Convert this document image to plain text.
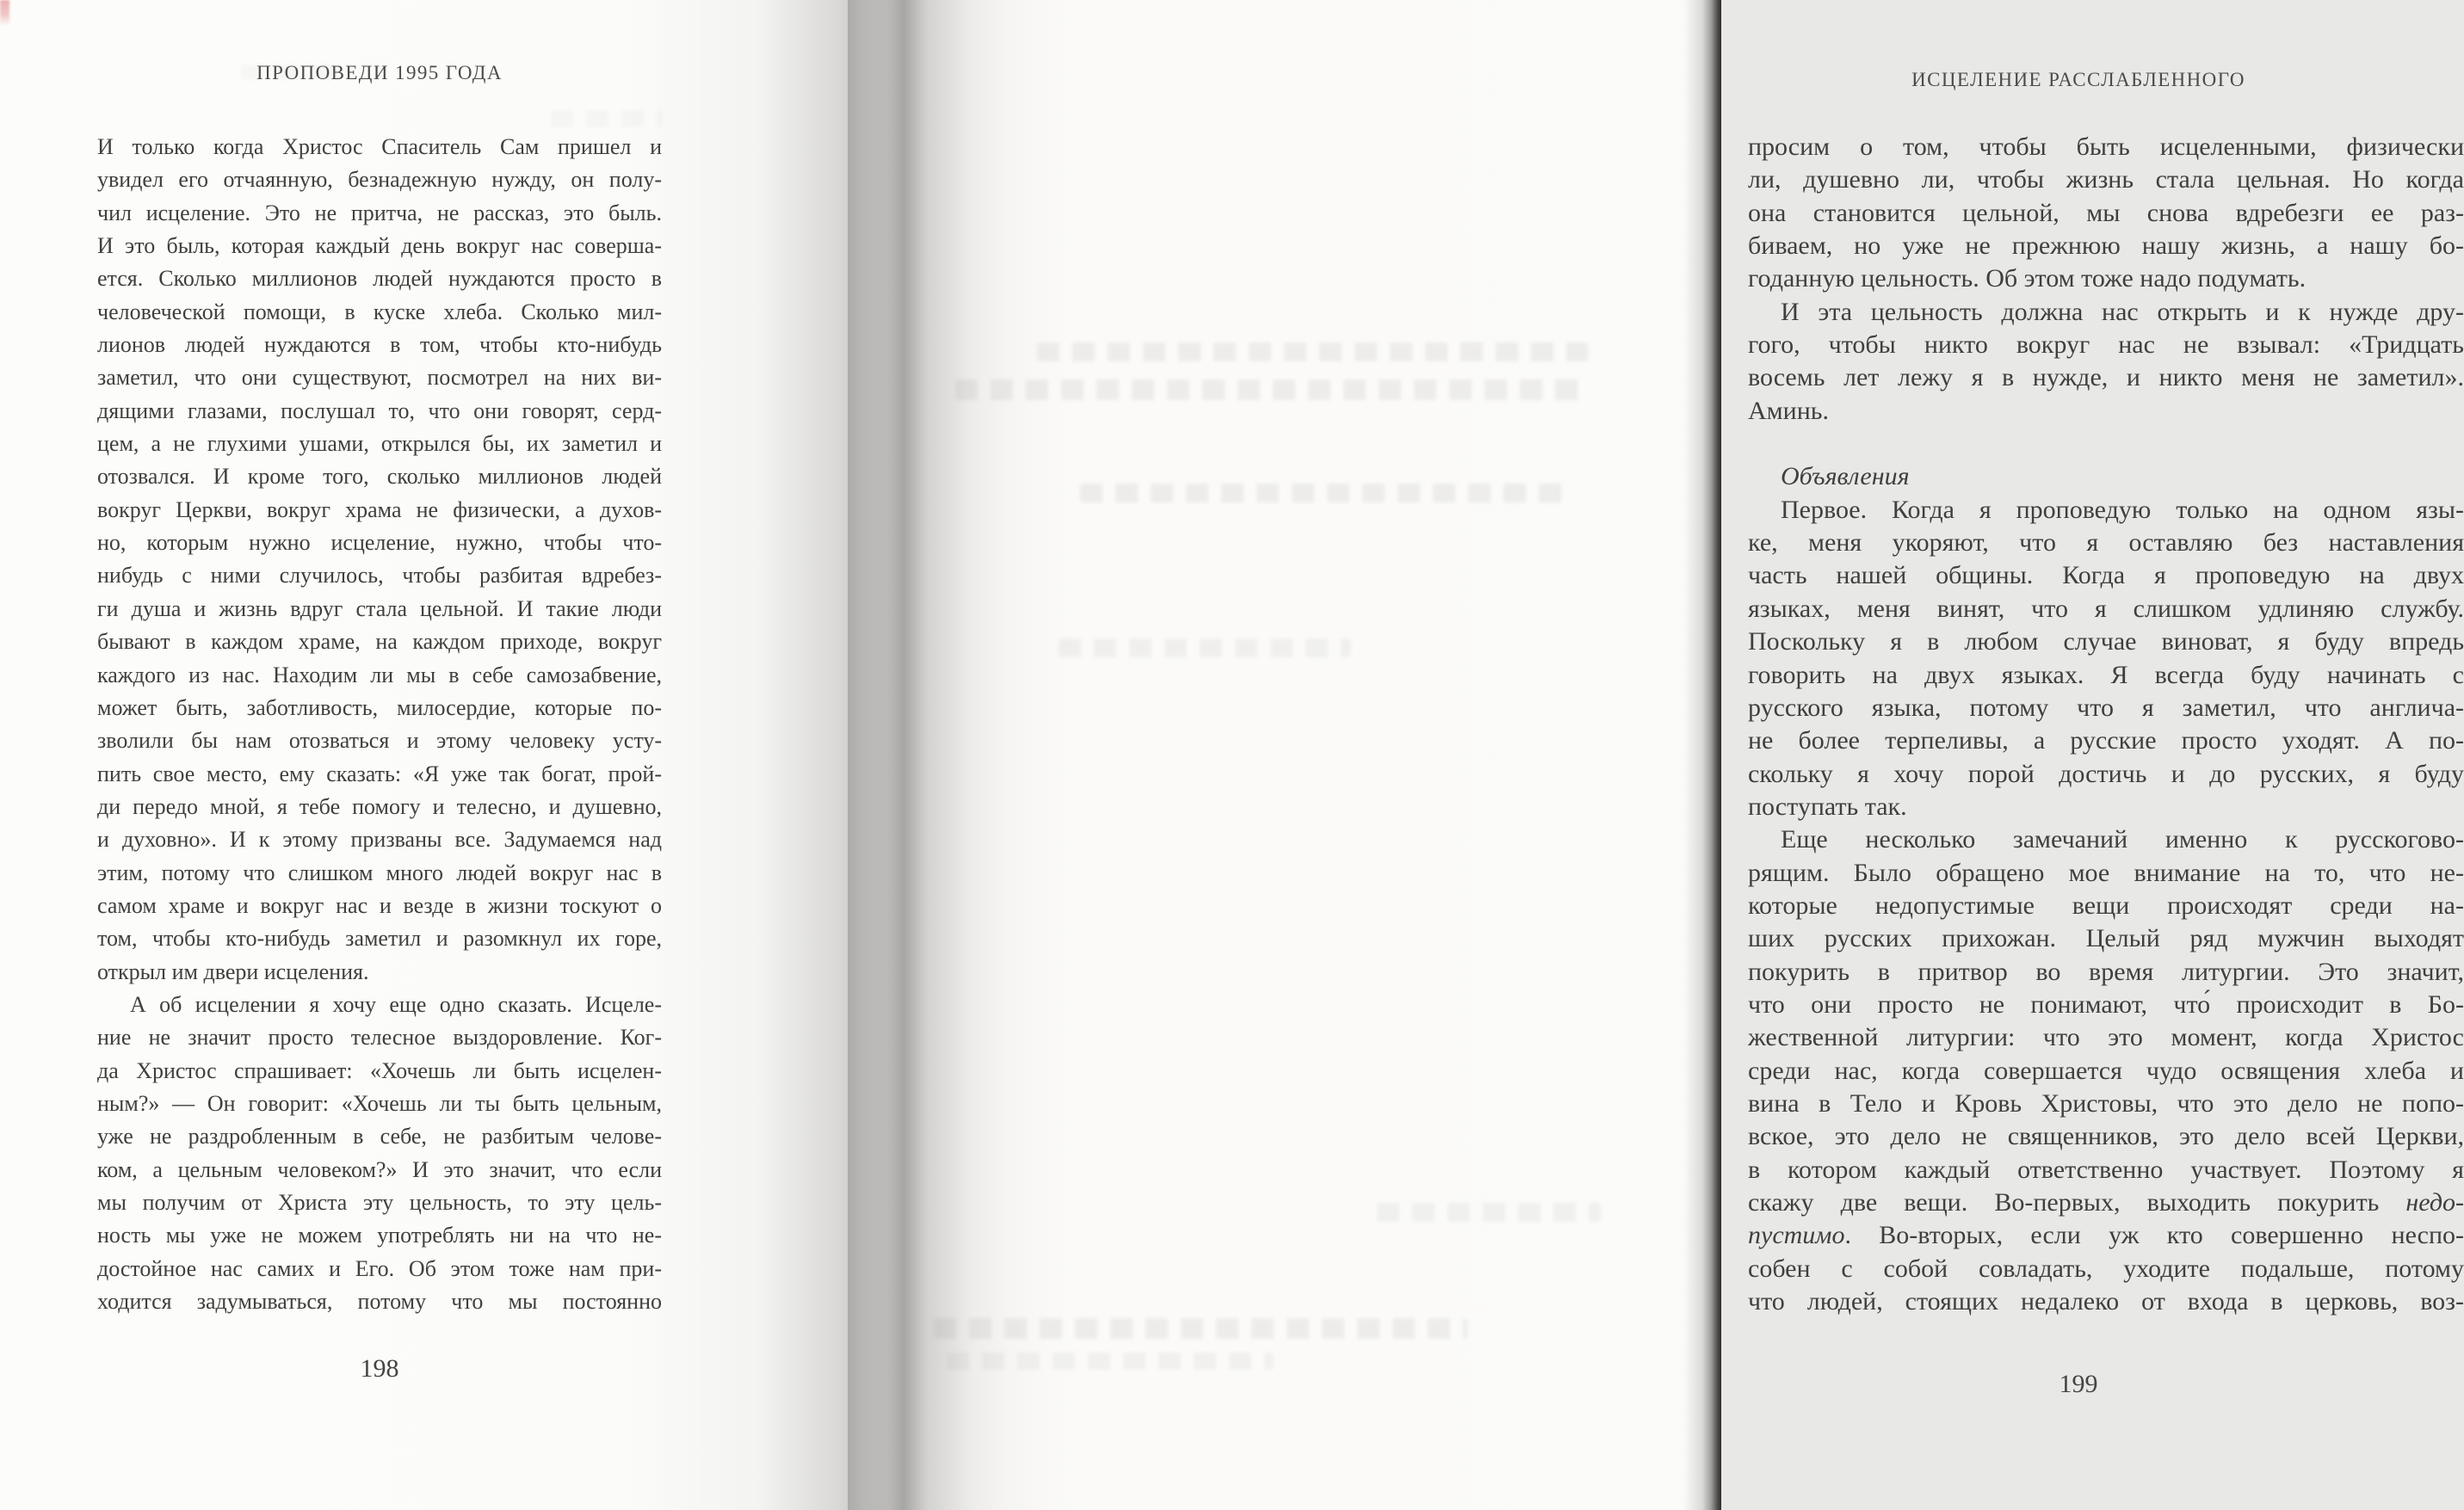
ПРОПОВЕДИ 1995 ГОДА
И только когда Христос Спаситель Сам пришел и
увидел его отчаянную, безнадежную нужду, он полу-
чил исцеление. Это не притча, не рассказ, это быль.
И это быль, которая каждый день вокруг нас соверша-
ется. Сколько миллионов людей нуждаются просто в
человеческой помощи, в куске хлеба. Сколько мил-
лионов людей нуждаются в том, чтобы кто-нибудь
заметил, что они существуют, посмотрел на них ви-
дящими глазами, послушал то, что они говорят, серд-
цем, а не глухими ушами, открылся бы, их заметил и
отозвался. И кроме того, сколько миллионов людей
вокруг Церкви, вокруг храма не физически, а духов-
но, которым нужно исцеление, нужно, чтобы что-
нибудь с ними случилось, чтобы разбитая вдребез-
ги душа и жизнь вдруг стала цельной. И такие люди
бывают в каждом храме, на каждом приходе, вокруг
каждого из нас. Находим ли мы в себе самозабвение,
может быть, заботливость, милосердие, которые по-
зволили бы нам отозваться и этому человеку усту-
пить свое место, ему сказать: «Я уже так богат, прой-
ди передо мной, я тебе помогу и телесно, и душевно,
и духовно». И к этому призваны все. Задумаемся над
этим, потому что слишком много людей вокруг нас в
самом храме и вокруг нас и везде в жизни тоскуют о
том, чтобы кто-нибудь заметил и разомкнул их горе,
открыл им двери исцеления.
А об исцелении я хочу еще одно сказать. Исцеле-
ние не значит просто телесное выздоровление. Ког-
да Христос спрашивает: «Хочешь ли быть исцелен-
ным?» — Он говорит: «Хочешь ли ты быть цельным,
уже не раздробленным в себе, не разбитым челове-
ком, а цельным человеком?» И это значит, что если
мы получим от Христа эту цельность, то эту цель-
ность мы уже не можем употреблять ни на что не-
достойное нас самих и Его. Об этом тоже нам при-
ходится задумываться, потому что мы постоянно
198
ИСЦЕЛЕНИЕ РАССЛАБЛЕННОГО
просим о том, чтобы быть исцеленными, физически
ли, душевно ли, чтобы жизнь стала цельная. Но когда
она становится цельной, мы снова вдребезги ее раз-
биваем, но уже не прежнюю нашу жизнь, а нашу бо-
годанную цельность. Об этом тоже надо подумать.
И эта цельность должна нас открыть и к нужде дру-
гого, чтобы никто вокруг нас не взывал: «Тридцать
восемь лет лежу я в нужде, и никто меня не заметил».
Аминь.
Объявления
Первое. Когда я проповедую только на одном язы-
ке, меня укоряют, что я оставляю без наставления
часть нашей общины. Когда я проповедую на двух
языках, меня винят, что я слишком удлиняю службу.
Поскольку я в любом случае виноват, я буду впредь
говорить на двух языках. Я всегда буду начинать с
русского языка, потому что я заметил, что англича-
не более терпеливы, а русские просто уходят. А по-
скольку я хочу порой достичь и до русских, я буду
поступать так.
Еще несколько замечаний именно к русскогово-
рящим. Было обращено мое внимание на то, что не-
которые недопустимые вещи происходят среди на-
ших русских прихожан. Целый ряд мужчин выходят
покурить в притвор во время литургии. Это значит,
что они просто не понимают, что́ происходит в Бо-
жественной литургии: что это момент, когда Христос
среди нас, когда совершается чудо освящения хлеба и
вина в Тело и Кровь Христовы, что это дело не попо-
вское, это дело не священников, это дело всей Церкви,
в котором каждый ответственно участвует. Поэтому я
скажу две вещи. Во-первых, выходить покурить недо-
пустимо. Во-вторых, если уж кто совершенно неспо-
собен с собой совладать, уходите подальше, потому
что людей, стоящих недалеко от входа в церковь, воз-
199
